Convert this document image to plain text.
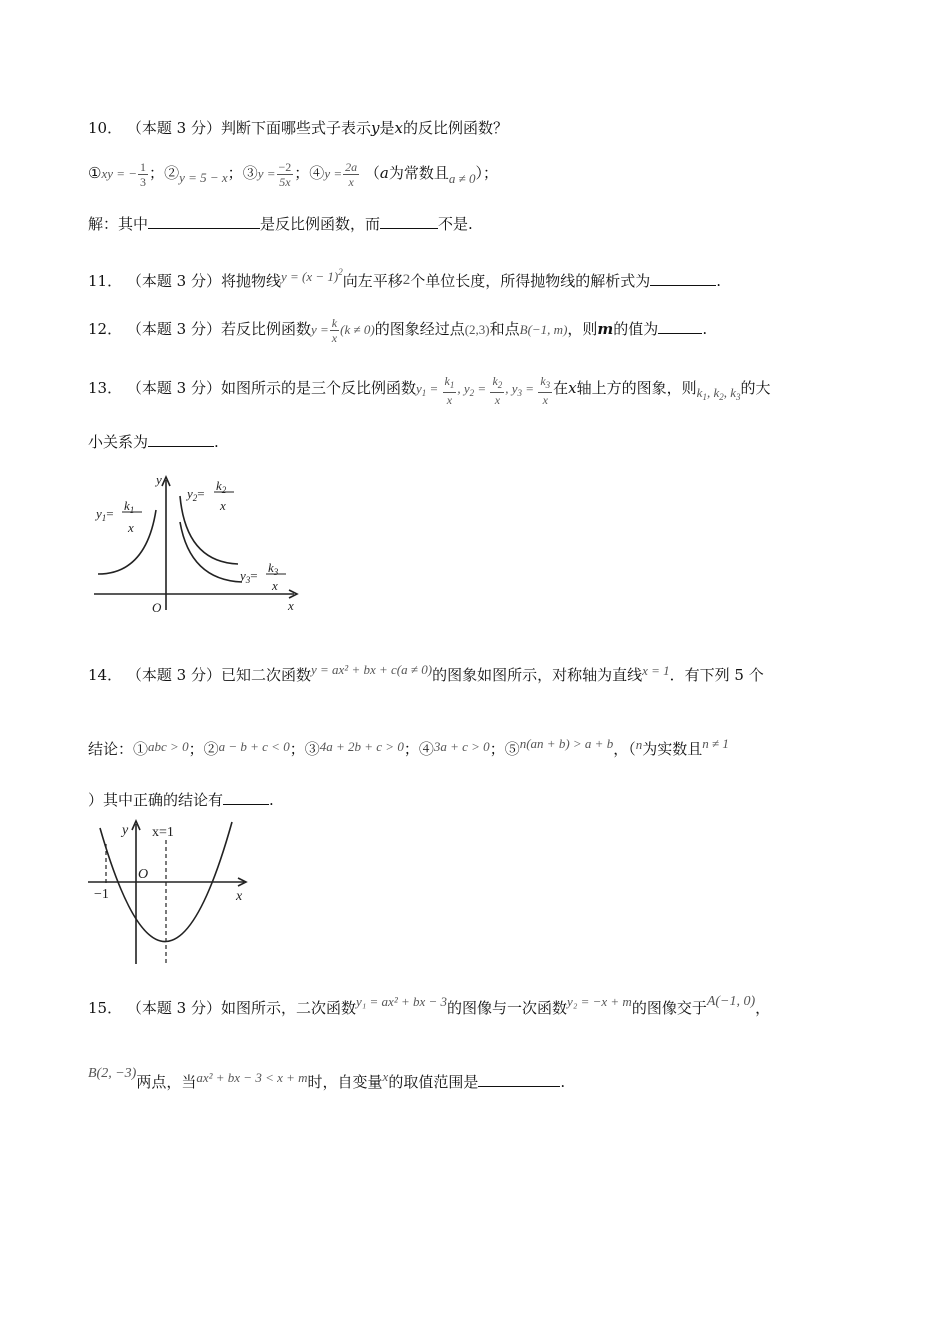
10． （本题 3 分）判断下面哪些式子表示y是x的反比例函数？
①xy = − $\frac{1}{3}$ ；②y = 5 − x；③y = $\frac{-2}{5x}$ ；④y = $\frac{2a}{x} (a$为常数且a ≠ 0）；
解：其中	是反比例函数，而	不是.
11． （本题 3 分）将抛物线$y = (x - 1)^2$向左平移2个单位长度，所得抛物线的解析式为	.
12． （本题 3 分）若反比例函数$y = \frac{k}{x} (k \ne 0)$的图象经过点(2,3)和点B(−1, m)，则m的值为	.
13． （本题 3 分）如图所示的是三个反比例函数$y_1 = \frac{k_1}{x}$ , $y_2 = \frac{k_2}{x}$ , $y_3 = \frac{k_3}{x}$ 在x轴上方的图象，则$k_1$, $k_2$, $k_3$的大
小关系为	.
y
x
O
$y_1=$
$k_1$
x
$y_2=$
$k_2$
x
$y_3=$
$k_3$
x
14． （本题 3 分）已知二次函数y = ax² + bx + c(a ≠ 0)的图象如图所示，对称轴为直线x = 1．有下列 5 个
结论：①abc > 0；②a − b + c < 0；③4a + 2b + c > 0；④3a + c > 0；⑤n(an + b) > a + b，（n为实数且n ≠ 1
）其中正确的结论有	.
y x=1
O
x
−1
15． （本题 3 分）如图所示，二次函数y₁ = ax² + bx − 3的图像与一次函数y₂ = −x + m的图像交于A(−1, 0)，
B(2, −3)两点，当ax² + bx − 3 < x + m时，自变量x的取值范围是	.
